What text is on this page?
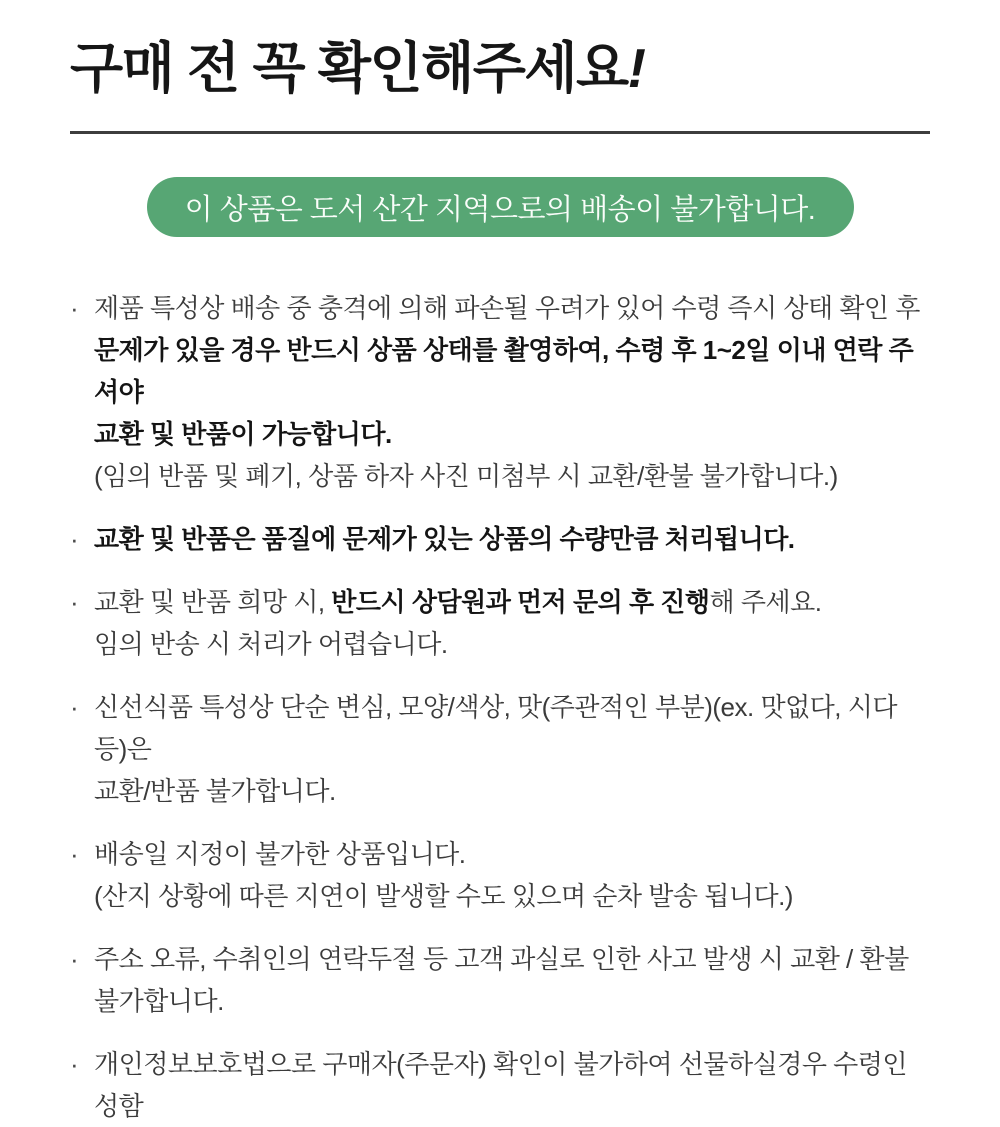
구매 전 꼭 확인해주세요!
이 상품은 도서 산간 지역으로의 배송이 불가합니다.
· 제품 특성상 배송 중 충격에 의해 파손될 우려가 있어 수령 즉시 상태 확인 후
문제가 있을 경우 반드시 상품 상태를 촬영하여, 수령 후 1~2일 이내 연락 주셔야
교환 및 반품이 가능합니다.
(임의 반품 및 폐기, 상품 하자 사진 미첨부 시 교환/환불 불가합니다.)
· 교환 및 반품은 품질에 문제가 있는 상품의 수량만큼 처리됩니다.
· 교환 및 반품 희망 시, 반드시 상담원과 먼저 문의 후 진행해 주세요.
임의 반송 시 처리가 어렵습니다.
· 신선식품 특성상 단순 변심, 모양/색상, 맛(주관적인 부분)(ex. 맛없다, 시다 등)은
교환/반품 불가합니다.
· 배송일 지정이 불가한 상품입니다.
(산지 상황에 따른 지연이 발생할 수도 있으며 순차 발송 됩니다.)
· 주소 오류, 수취인의 연락두절 등 고객 과실로 인한 사고 발생 시 교환 / 환불
불가합니다.
· 개인정보보호법으로 구매자(주문자) 확인이 불가하여 선물하실경우 수령인 성함
